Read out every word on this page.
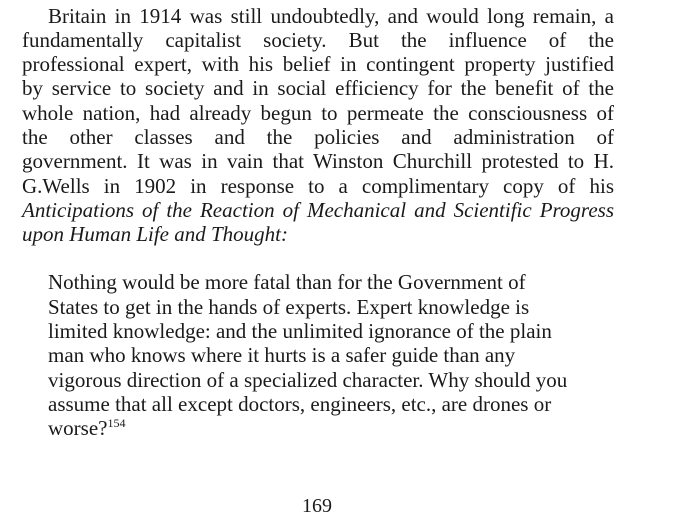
Britain in 1914 was still undoubtedly, and would long remain, a
fundamentally capitalist society. But the influence of the
professional expert, with his belief in contingent property justified
by service to society and in social efficiency for the benefit of the
whole nation, had already begun to permeate the consciousness of
the other classes and the policies and administration of
government. It was in vain that Winston Churchill protested to H.
G.Wells in 1902 in response to a complimentary copy of his
Anticipations of the Reaction of Mechanical and Scientific Progress
upon Human Life and Thought:
Nothing would be more fatal than for the Government of
States to get in the hands of experts. Expert knowledge is
limited knowledge: and the unlimited ignorance of the plain
man who knows where it hurts is a safer guide than any
vigorous direction of a specialized character. Why should you
assume that all except doctors, engineers, etc., are drones or
worse?$^{154}$
169
